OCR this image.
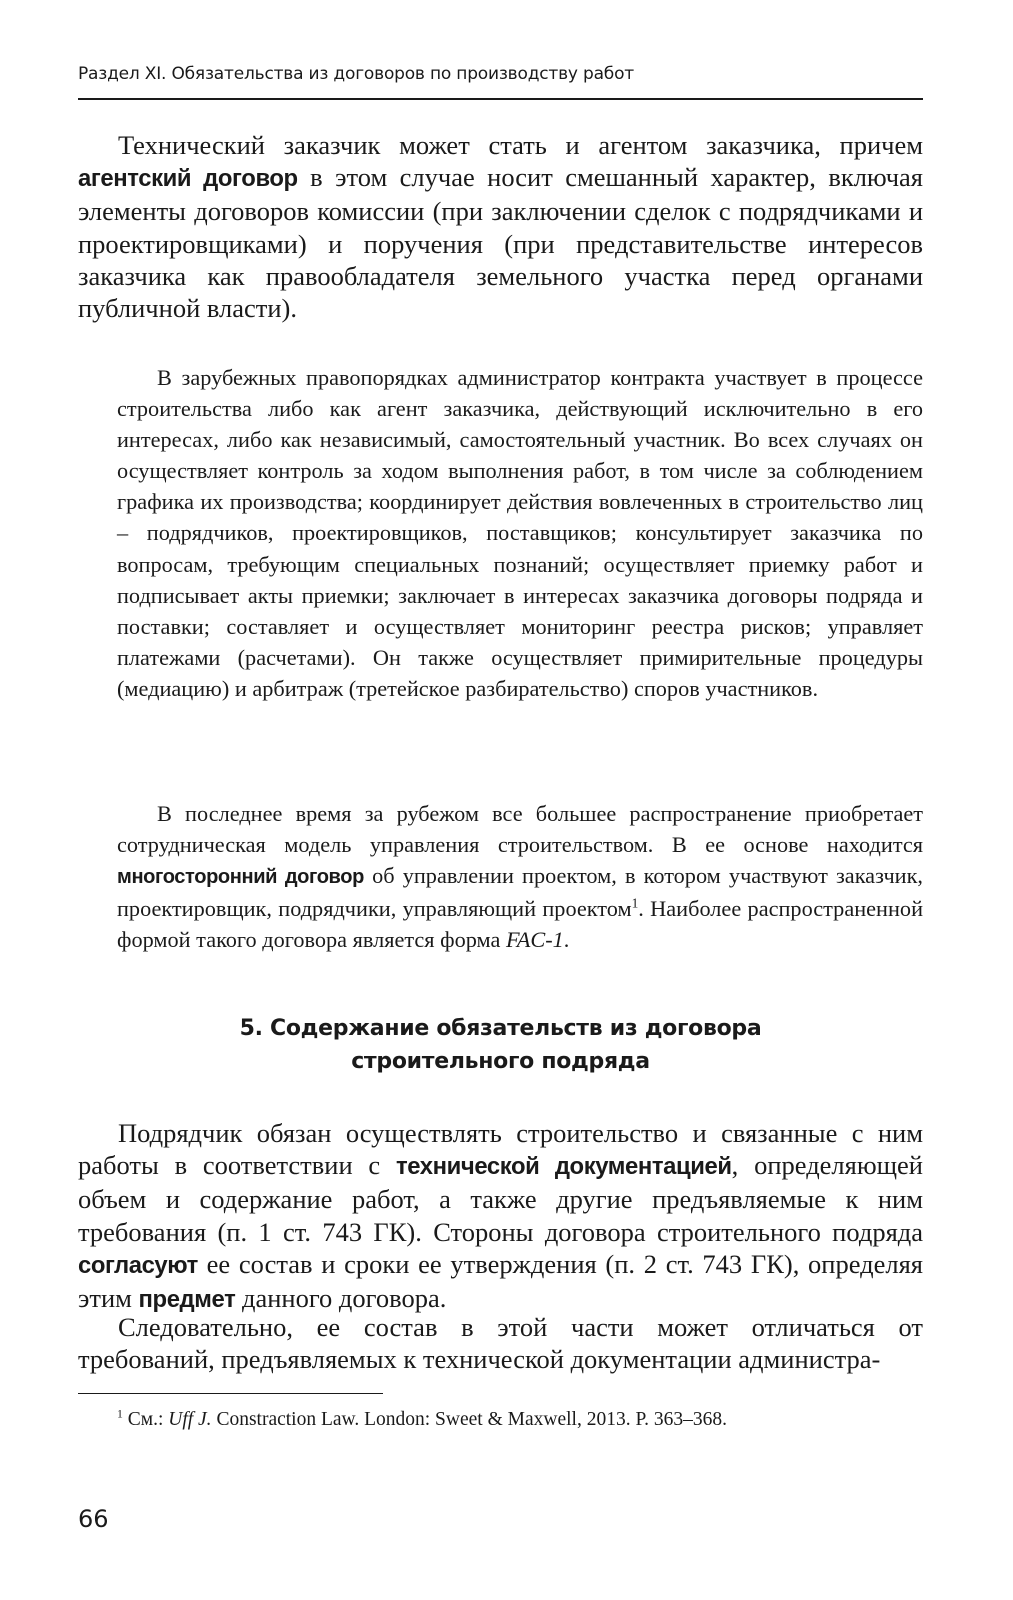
Раздел XI. Обязательства из договоров по производству работ

Технический заказчик может стать и агентом заказчика, причем агентский договор в этом случае носит смешанный характер, включая элементы договоров комиссии (при заключении сделок с подрядчиками и проектировщиками) и поручения (при представительстве интересов заказчика как правообладателя земельного участка перед органами публичной власти).

В зарубежных правопорядках администратор контракта участвует в процессе строительства либо как агент заказчика, действующий исключительно в его интересах, либо как независимый, самостоятельный участник. Во всех случаях он осуществляет контроль за ходом выполнения работ, в том числе за соблюдением графика их производства; координирует действия вовлеченных в строительство лиц – подрядчиков, проектировщиков, поставщиков; консультирует заказчика по вопросам, требующим специальных познаний; осуществляет приемку работ и подписывает акты приемки; заключает в интересах заказчика договоры подряда и поставки; составляет и осуществляет мониторинг реестра рисков; управляет платежами (расчетами). Он также осуществляет примирительные процедуры (медиацию) и арбитраж (третейское разбирательство) споров участников.

В последнее время за рубежом все большее распространение приобретает сотрудническая модель управления строительством. В ее основе находится многосторонний договор об управлении проектом, в котором участвуют заказчик, проектировщик, подрядчики, управляющий проектом$^1$. Наиболее распространенной формой такого договора является форма FAC-1.

5. Содержание обязательств из договора
строительного подряда

Подрядчик обязан осуществлять строительство и связанные с ним работы в соответствии с технической документацией, определяющей объем и содержание работ, а также другие предъявляемые к ним требования (п. 1 ст. 743 ГК). Стороны договора строительного подряда согласуют ее состав и сроки ее утверждения (п. 2 ст. 743 ГК), определяя этим предмет данного договора.

Следовательно, ее состав в этой части может отличаться от требований, предъявляемых к технической документации администра-

$^1$ См.: Uff J. Constraction Law. London: Sweet & Maxwell, 2013. P. 363–368.
66
